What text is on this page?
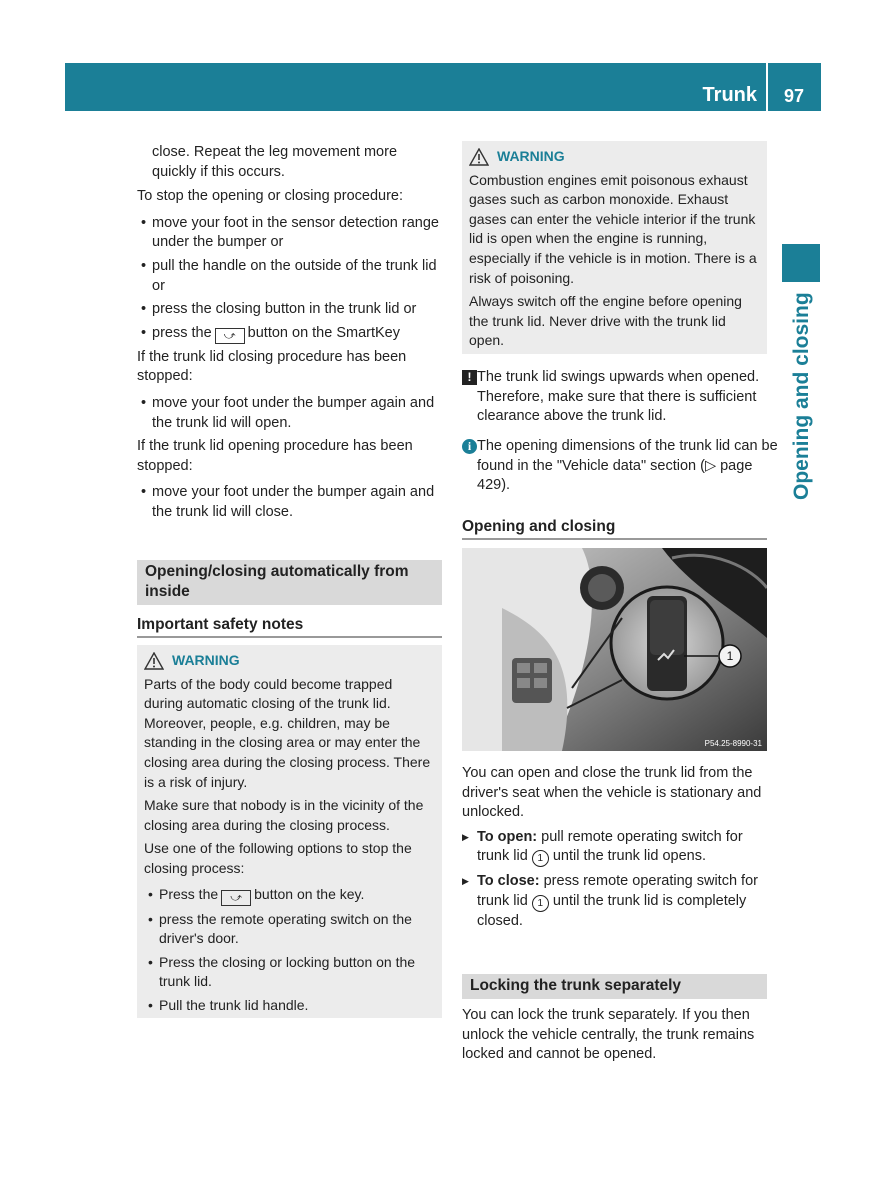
Trunk	97
Opening and closing

close. Repeat the leg movement more quickly if this occurs.

To stop the opening or closing procedure:

• move your foot in the sensor detection range under the bumper or

• pull the handle on the outside of the trunk lid or

• press the closing button in the trunk lid or

• press the ⤻ button on the SmartKey

If the trunk lid closing procedure has been stopped:

• move your foot under the bumper again and the trunk lid will open.

If the trunk lid opening procedure has been stopped:

• move your foot under the bumper again and the trunk lid will close.

Opening/closing automatically from inside
Important safety notes
WARNING

Parts of the body could become trapped during automatic closing of the trunk lid. Moreover, people, e.g. children, may be standing in the closing area or may enter the closing area during the closing process. There is a risk of injury.

Make sure that nobody is in the vicinity of the closing area during the closing process.

Use one of the following options to stop the closing process:

• Press the ⤻ button on the key.

• press the remote operating switch on the driver's door.

• Press the closing or locking button on the trunk lid.

• Pull the trunk lid handle.

WARNING

Combustion engines emit poisonous exhaust gases such as carbon monoxide. Exhaust gases can enter the vehicle interior if the trunk lid is open when the engine is running, especially if the vehicle is in motion. There is a risk of poisoning.

Always switch off the engine before opening the trunk lid. Never drive with the trunk lid open.

! The trunk lid swings upwards when opened. Therefore, make sure that there is sufficient clearance above the trunk lid.
i The opening dimensions of the trunk lid can be found in the "Vehicle data" section (▷ page 429).
Opening and closing
1
P54.25-8990-31

You can open and close the trunk lid from the driver's seat when the vehicle is stationary and unlocked.

▶ To open: pull remote operating switch for trunk lid 1 until the trunk lid opens.

▶ To close: press remote operating switch for trunk lid 1 until the trunk lid is completely closed.

Locking the trunk separately

You can lock the trunk separately. If you then unlock the vehicle centrally, the trunk remains locked and cannot be opened.
